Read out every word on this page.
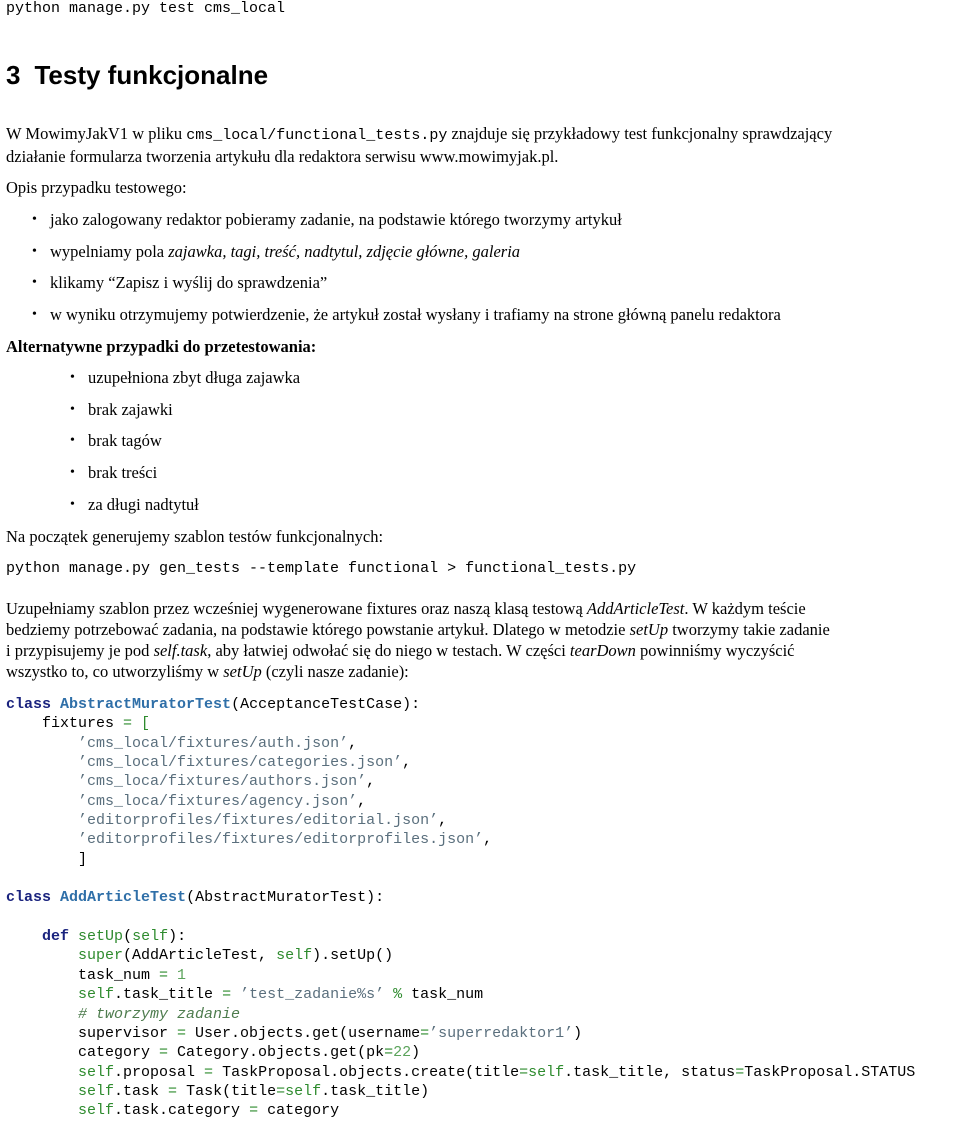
python manage.py test cms_local
3 Testy funkcjonalne

W MowimyJakV1 w pliku cms_local/functional_tests.py znajduje się przykładowy test funkcjonalny sprawdzający działanie formularza tworzenia artykułu dla redaktora serwisu www.mowimyjak.pl.

Opis przypadku testowego:

• jako zalogowany redaktor pobieramy zadanie, na podstawie którego tworzymy artykuł
• wypelniamy pola zajawka, tagi, treść, nadtytul, zdjęcie główne, galeria
• klikamy “Zapisz i wyślij do sprawdzenia”
• w wyniku otrzymujemy potwierdzenie, że artykuł został wysłany i trafiamy na strone główną panelu redaktora

Alternatywne przypadki do przetestowania:

• uzupełniona zbyt długa zajawka
• brak zajawki
• brak tagów
• brak treści
• za długi nadtytuł

Na początek generujemy szablon testów funkcjonalnych:

python manage.py gen_tests --template functional > functional_tests.py

Uzupełniamy szablon przez wcześniej wygenerowane fixtures oraz naszą klasą testową AddArticleTest. W każdym teście bedziemy potrzebować zadania, na podstawie którego powstanie artykuł. Dlatego w metodzie setUp tworzymy takie zadanie i przypisujemy je pod self.task, aby łatwiej odwołać się do niego w testach. W części tearDown powinniśmy wyczyścić wszystko to, co utworzyliśmy w setUp (czyli nasze zadanie):

class AbstractMuratorTest(AcceptanceTestCase):
fixtures = [
’cms_local/fixtures/auth.json’,
’cms_local/fixtures/categories.json’,
’cms_loca/fixtures/authors.json’,
’cms_loca/fixtures/agency.json’,
’editorprofiles/fixtures/editorial.json’,
’editorprofiles/fixtures/editorprofiles.json’,
]

class AddArticleTest(AbstractMuratorTest):

def setUp(self):
super(AddArticleTest, self).setUp()
task_num = 1
self.task_title = ’test_zadanie%s’ % task_num
# tworzymy zadanie
supervisor = User.objects.get(username=’superredaktor1’)
category = Category.objects.get(pk=22)
self.proposal = TaskProposal.objects.create(title=self.task_title, status=TaskProposal.STATUS
self.task = Task(title=self.task_title)
self.task.category = category
